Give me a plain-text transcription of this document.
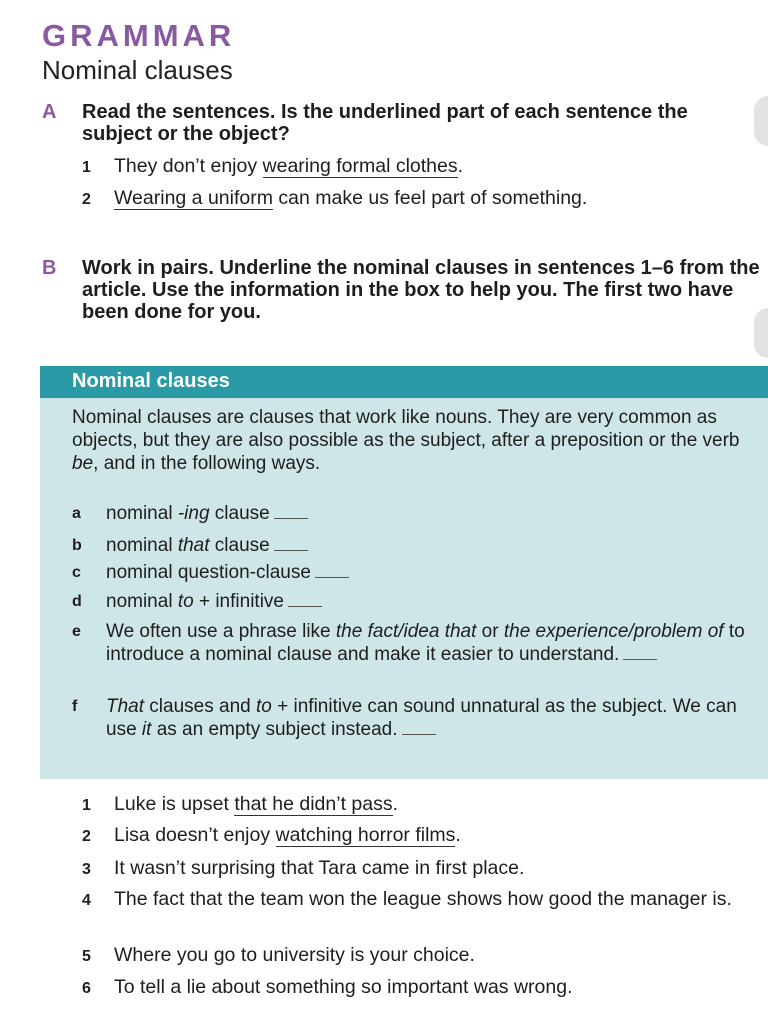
GRAMMAR
Nominal clauses
A Read the sentences. Is the underlined part of each sentence the subject or the object?
1 They don’t enjoy wearing formal clothes.
2 Wearing a uniform can make us feel part of something.
B Work in pairs. Underline the nominal clauses in sentences 1–6 from the article. Use the information in the box to help you. The first two have been done for you.
Nominal clauses
Nominal clauses are clauses that work like nouns. They are very common as objects, but they are also possible as the subject, after a preposition or the verb be, and in the following ways.
a nominal -ing clause
b nominal that clause
c nominal question-clause
d nominal to + infinitive
e We often use a phrase like the fact/idea that or the experience/problem of to introduce a nominal clause and make it easier to understand.
f That clauses and to + infinitive can sound unnatural as the subject. We can use it as an empty subject instead.
1 Luke is upset that he didn’t pass.
2 Lisa doesn’t enjoy watching horror films.
3 It wasn’t surprising that Tara came in first place.
4 The fact that the team won the league shows how good the manager is.
5 Where you go to university is your choice.
6 To tell a lie about something so important was wrong.
